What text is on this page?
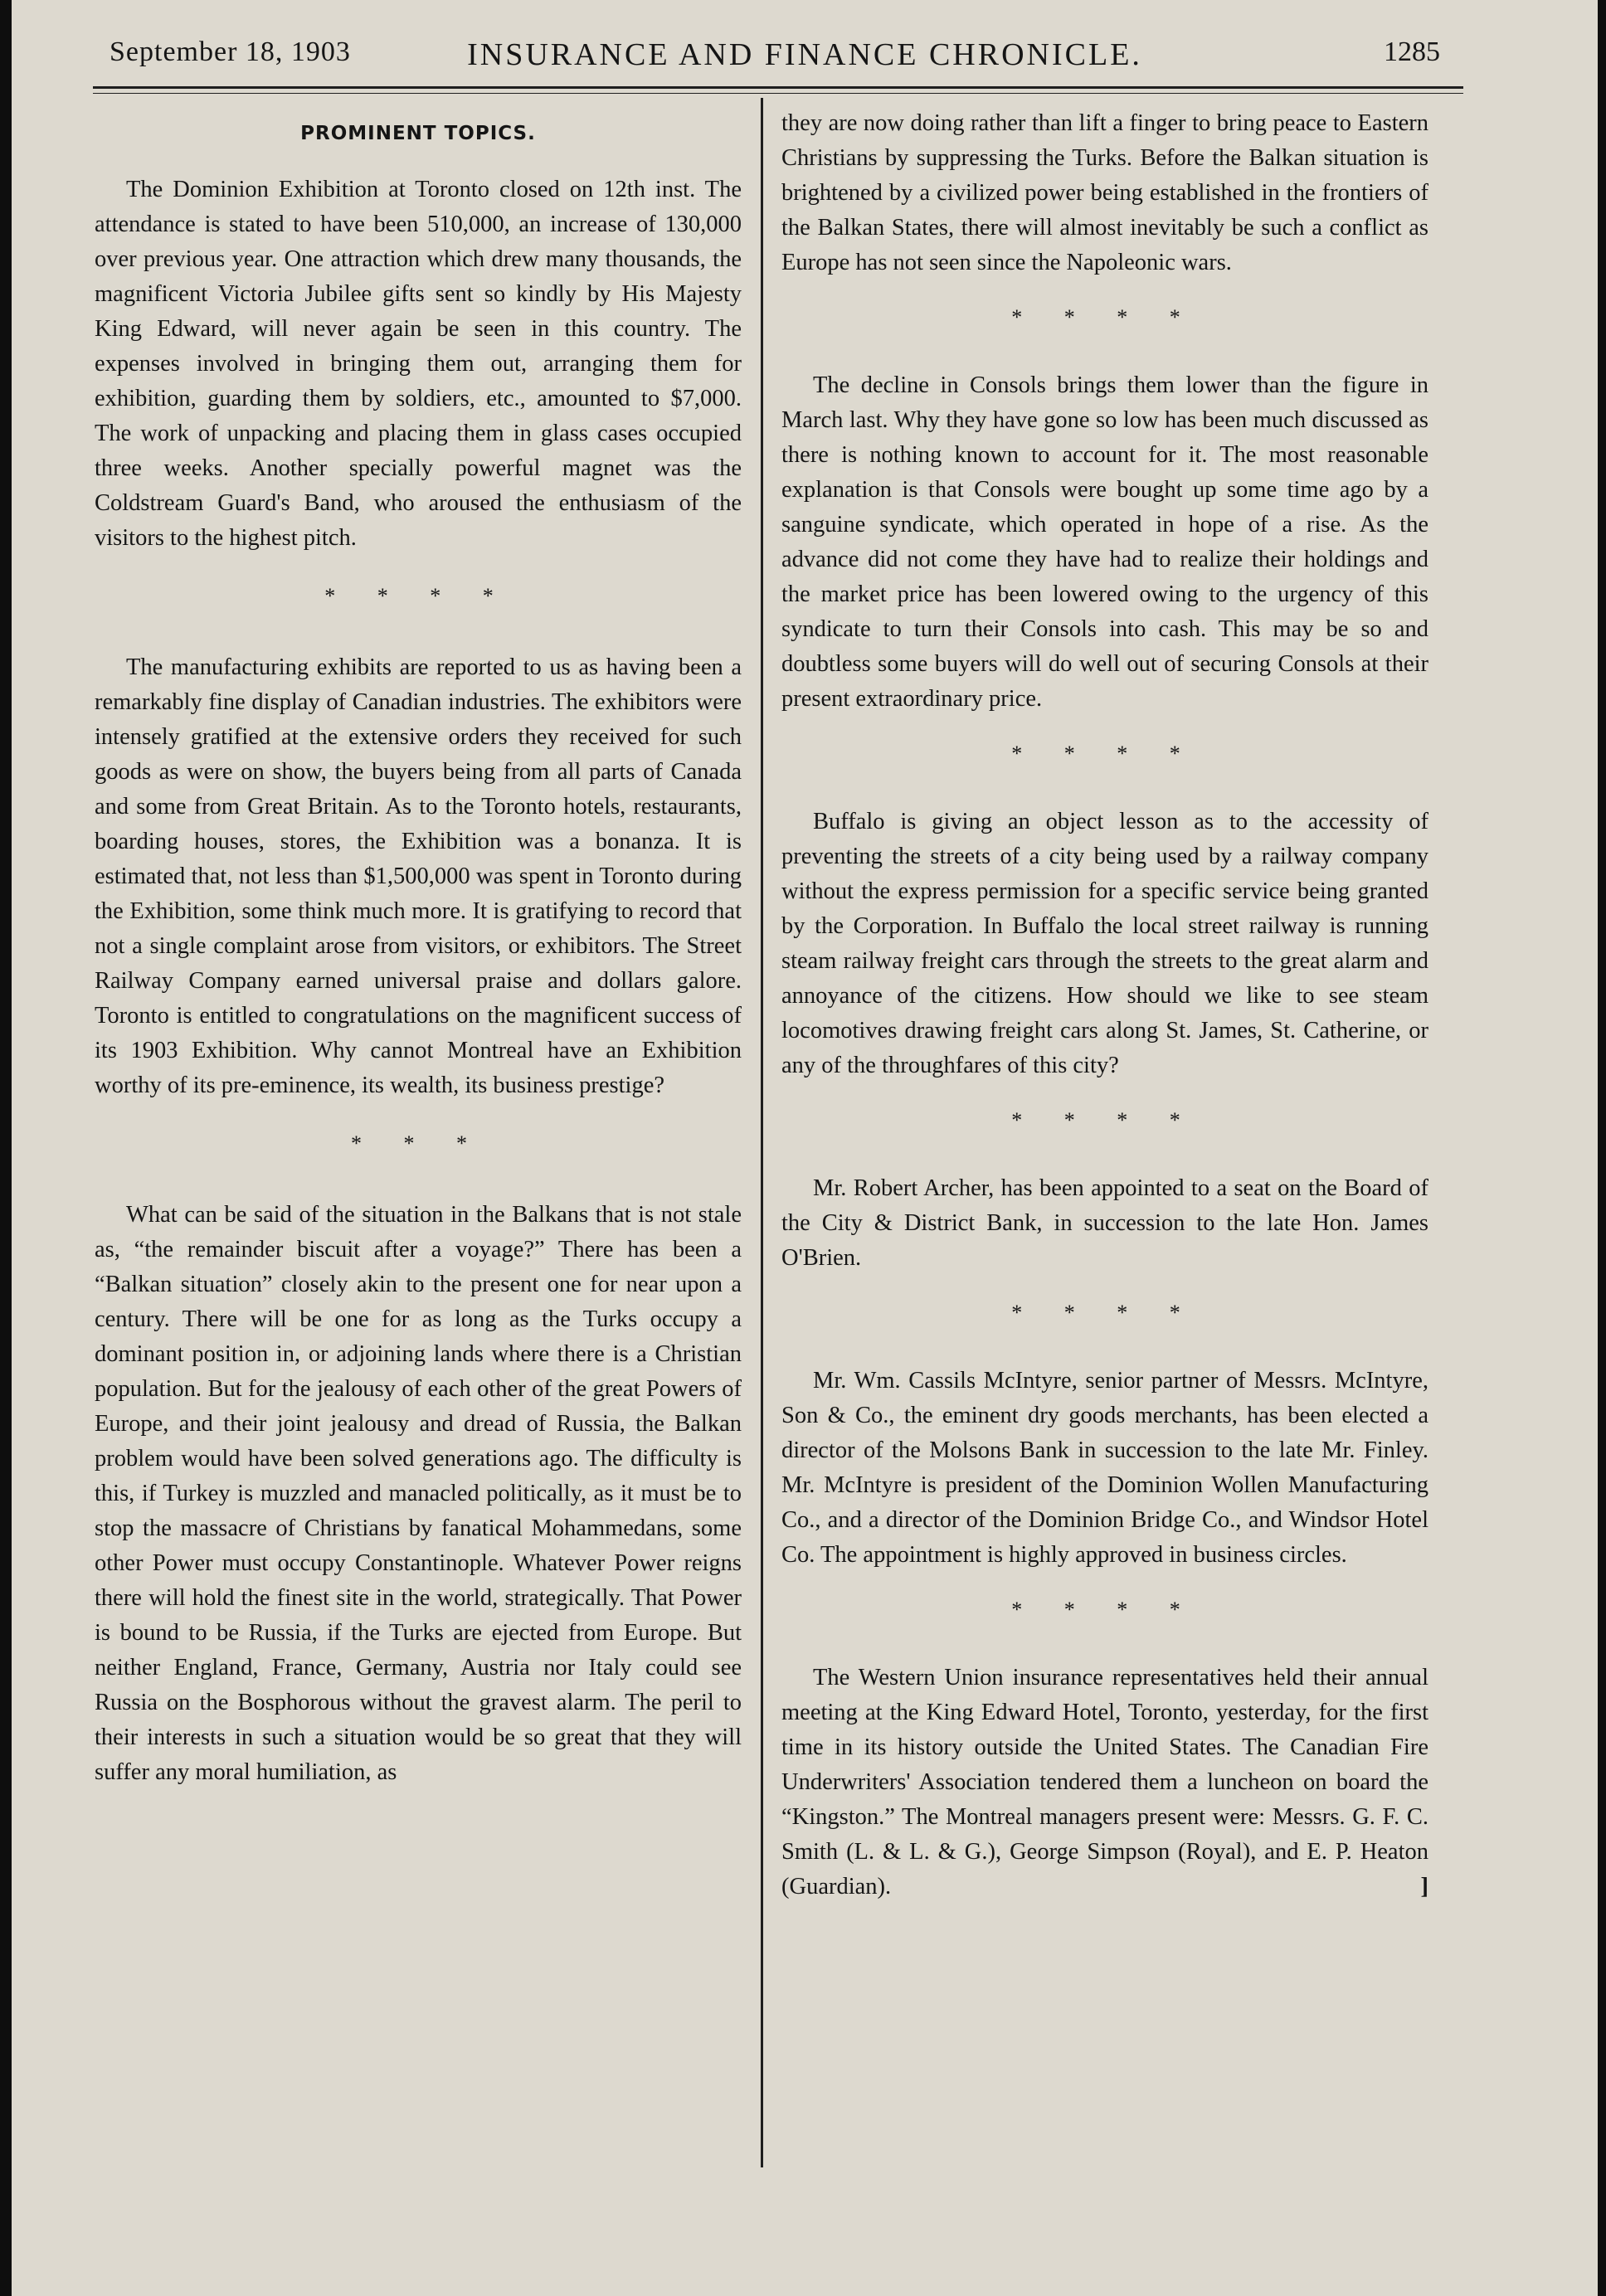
September 18, 1903	INSURANCE AND FINANCE CHRONICLE.	1285
PROMINENT TOPICS.

The Dominion Exhibition at Toronto closed on 12th inst. The attendance is stated to have been 510,000, an increase of 130,000 over previous year. One attraction which drew many thousands, the magnificent Victoria Jubilee gifts sent so kindly by His Majesty King Edward, will never again be seen in this country. The expenses involved in bringing them out, arranging them for exhibition, guarding them by soldiers, etc., amounted to $7,000. The work of unpacking and placing them in glass cases occupied three weeks. Another specially powerful magnet was the Coldstream Guard's Band, who aroused the enthusiasm of the visitors to the highest pitch.

* * * *

The manufacturing exhibits are reported to us as having been a remarkably fine display of Canadian industries. The exhibitors were intensely gratified at the extensive orders they received for such goods as were on show, the buyers being from all parts of Canada and some from Great Britain. As to the Toronto hotels, restaurants, boarding houses, stores, the Exhibition was a bonanza. It is estimated that, not less than $1,500,000 was spent in Toronto during the Exhibition, some think much more. It is gratifying to record that not a single complaint arose from visitors, or exhibitors. The Street Railway Company earned universal praise and dollars galore. Toronto is entitled to congratulations on the magnificent success of its 1903 Exhibition. Why cannot Montreal have an Exhibition worthy of its pre-eminence, its wealth, its business prestige?

* * *

What can be said of the situation in the Balkans that is not stale as, “the remainder biscuit after a voyage?” There has been a “Balkan situation” closely akin to the present one for near upon a century. There will be one for as long as the Turks occupy a dominant position in, or adjoining lands where there is a Christian population. But for the jealousy of each other of the great Powers of Europe, and their joint jealousy and dread of Russia, the Balkan problem would have been solved generations ago. The difficulty is this, if Turkey is muzzled and manacled politically, as it must be to stop the massacre of Christians by fanatical Mohammedans, some other Power must occupy Constantinople. Whatever Power reigns there will hold the finest site in the world, strategically. That Power is bound to be Russia, if the Turks are ejected from Europe. But neither England, France, Germany, Austria nor Italy could see Russia on the Bosphorous without the gravest alarm. The peril to their interests in such a situation would be so great that they will suffer any moral humiliation, as

they are now doing rather than lift a finger to bring peace to Eastern Christians by suppressing the Turks. Before the Balkan situation is brightened by a civilized power being established in the frontiers of the Balkan States, there will almost inevitably be such a conflict as Europe has not seen since the Napoleonic wars.

* * * *

The decline in Consols brings them lower than the figure in March last. Why they have gone so low has been much discussed as there is nothing known to account for it. The most reasonable explanation is that Consols were bought up some time ago by a sanguine syndicate, which operated in hope of a rise. As the advance did not come they have had to realize their holdings and the market price has been lowered owing to the urgency of this syndicate to turn their Consols into cash. This may be so and doubtless some buyers will do well out of securing Consols at their present extraordinary price.

* * * *

Buffalo is giving an object lesson as to the accessity of preventing the streets of a city being used by a railway company without the express permission for a specific service being granted by the Corporation. In Buffalo the local street railway is running steam railway freight cars through the streets to the great alarm and annoyance of the citizens. How should we like to see steam locomotives drawing freight cars along St. James, St. Catherine, or any of the throughfares of this city?

* * * *

Mr. Robert Archer, has been appointed to a seat on the Board of the City & District Bank, in succession to the late Hon. James O'Brien.

* * * *

Mr. Wm. Cassils McIntyre, senior partner of Messrs. McIntyre, Son & Co., the eminent dry goods merchants, has been elected a director of the Molsons Bank in succession to the late Mr. Finley. Mr. McIntyre is president of the Dominion Wollen Manufacturing Co., and a director of the Dominion Bridge Co., and Windsor Hotel Co. The appointment is highly approved in business circles.

* * * *

The Western Union insurance representatives held their annual meeting at the King Edward Hotel, Toronto, yesterday, for the first time in its history outside the United States. The Canadian Fire Underwriters' Association tendered them a luncheon on board the “Kingston.” The Montreal managers present were: Messrs. G. F. C. Smith (L. & L. & G.), George Simpson (Royal), and E. P. Heaton (Guardian).	]
